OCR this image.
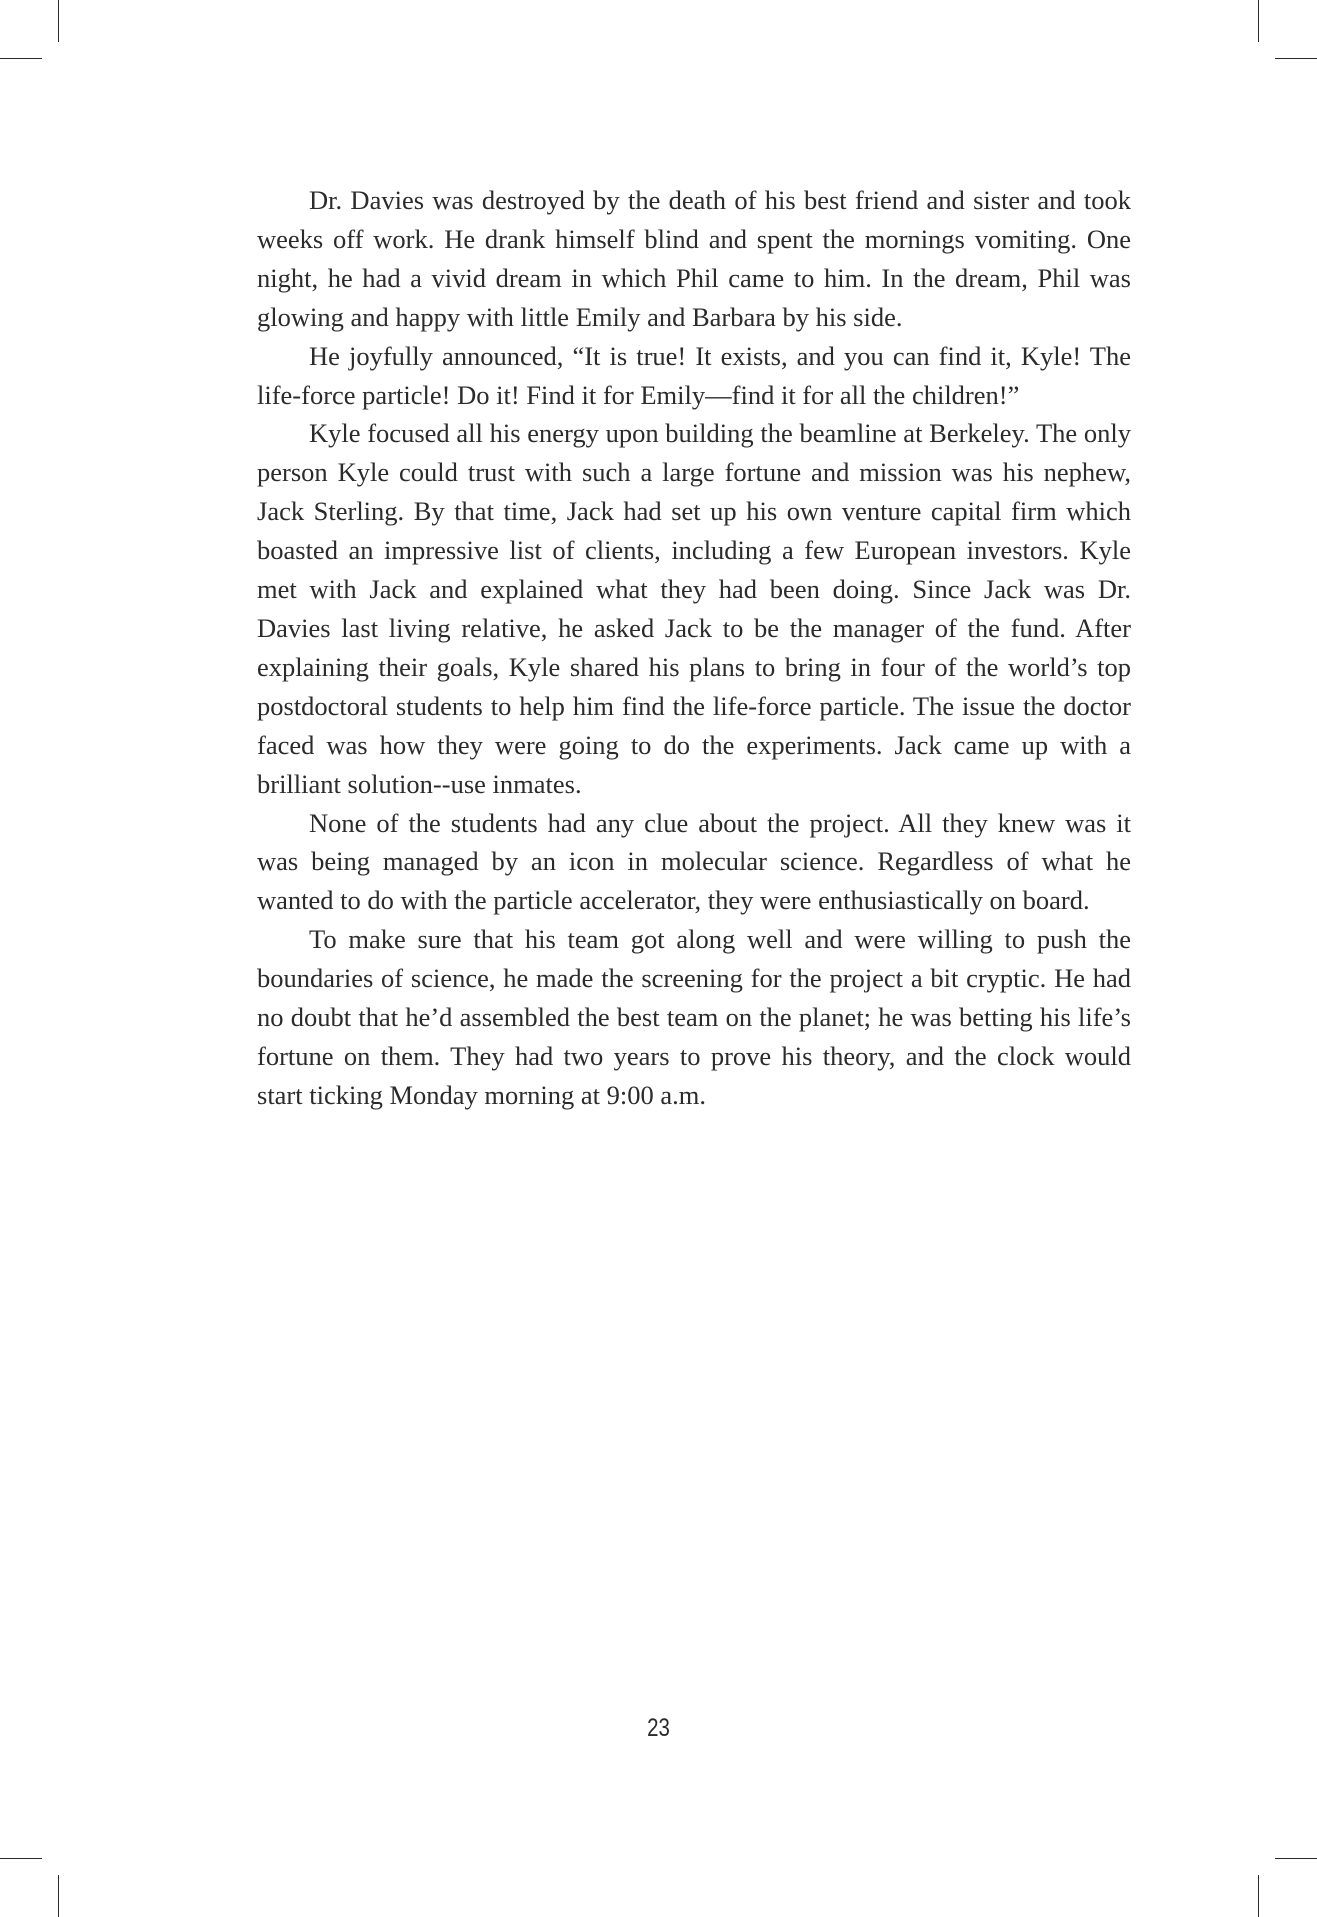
Dr. Davies was destroyed by the death of his best friend and sister and took weeks off work. He drank himself blind and spent the mornings vomiting. One night, he had a vivid dream in which Phil came to him. In the dream, Phil was glowing and happy with little Emily and Barbara by his side.

He joyfully announced, “It is true! It exists, and you can find it, Kyle! The life-force particle! Do it! Find it for Emily—find it for all the children!”

Kyle focused all his energy upon building the beamline at Berkeley. The only person Kyle could trust with such a large fortune and mission was his nephew, Jack Sterling. By that time, Jack had set up his own venture capital firm which boasted an impressive list of clients, including a few European investors. Kyle met with Jack and explained what they had been doing. Since Jack was Dr. Davies last living relative, he asked Jack to be the manager of the fund. After explaining their goals, Kyle shared his plans to bring in four of the world’s top postdoctoral students to help him find the life-force particle. The issue the doctor faced was how they were going to do the experiments. Jack came up with a brilliant solution--use inmates.

None of the students had any clue about the project. All they knew was it was being managed by an icon in molecular science. Regardless of what he wanted to do with the particle accelerator, they were enthusiastically on board.

To make sure that his team got along well and were willing to push the boundaries of science, he made the screening for the project a bit cryptic. He had no doubt that he’d assembled the best team on the planet; he was betting his life’s fortune on them. They had two years to prove his theory, and the clock would start ticking Monday morning at 9:00 a.m.

23
